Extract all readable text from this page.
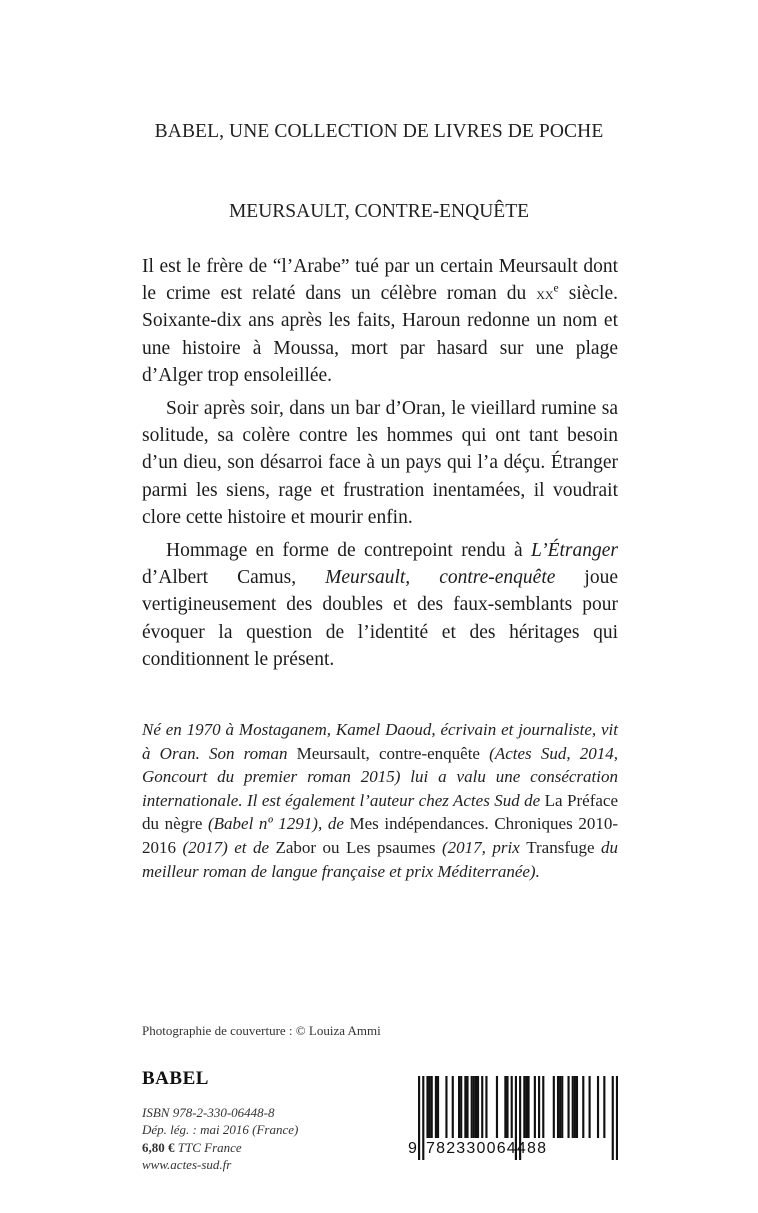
BABEL, UNE COLLECTION DE LIVRES DE POCHE
MEURSAULT, CONTRE-ENQUÊTE

Il est le frère de “l’Arabe” tué par un certain Meursault dont le crime est relaté dans un célèbre roman du $xx^e$ siècle. Soixante-dix ans après les faits, Haroun redonne un nom et une histoire à Moussa, mort par hasard sur une plage d’Alger trop ensoleillée.

Soir après soir, dans un bar d’Oran, le vieillard rumine sa solitude, sa colère contre les hommes qui ont tant besoin d’un dieu, son désarroi face à un pays qui l’a déçu. Étranger parmi les siens, rage et frustration inentamées, il voudrait clore cette histoire et mourir enfin.

Hommage en forme de contrepoint rendu à L’Étranger d’Albert Camus, Meursault, contre-enquête joue vertigineusement des doubles et des faux-semblants pour évoquer la question de l’identité et des héritages qui conditionnent le présent.

Né en 1970 à Mostaganem, Kamel Daoud, écrivain et journaliste, vit à Oran. Son roman Meursault, contre-enquête (Actes Sud, 2014, Goncourt du premier roman 2015) lui a valu une consécration internationale. Il est également l’auteur chez Actes Sud de La Préface du nègre (Babel nº 1291), de Mes indépendances. Chroniques 2010-2016 (2017) et de Zabor ou Les psaumes (2017, prix Transfuge du meilleur roman de langue française et prix Méditerranée).

Photographie de couverture : © Louiza Ammi
BABEL
ISBN 978-2-330-06448-8
Dép. lég. : mai 2016 (France)
6,80 € TTC France
www.actes-sud.fr
9 782330064488
